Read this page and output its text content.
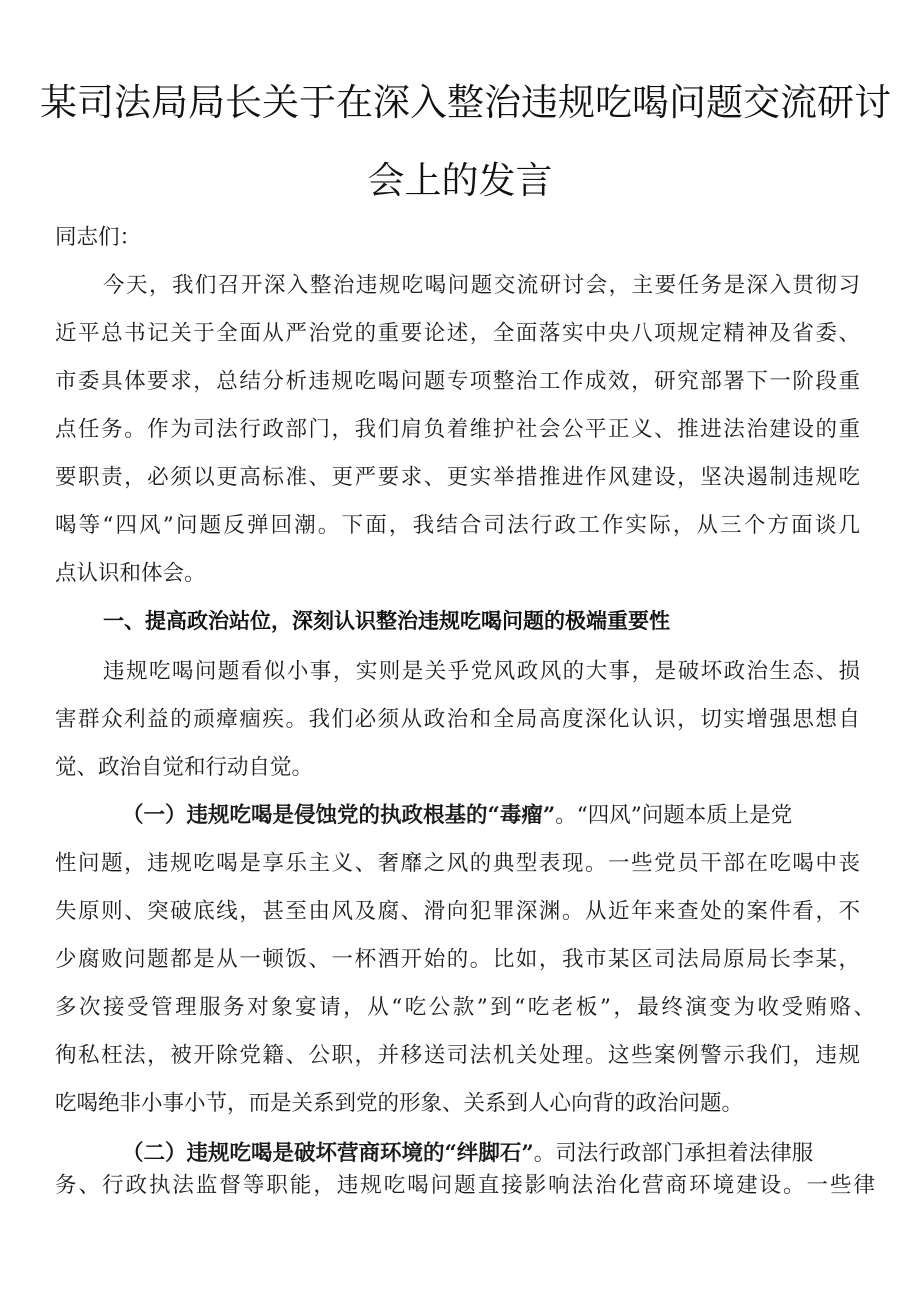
某司法局局长关于在深入整治违规吃喝问题交流研讨
会上的发言
同志们：
今天，我们召开深入整治违规吃喝问题交流研讨会，主要任务是深入贯彻习
近平总书记关于全面从严治党的重要论述，全面落实中央八项规定精神及省委、
市委具体要求，总结分析违规吃喝问题专项整治工作成效，研究部署下一阶段重
点任务。作为司法行政部门，我们肩负着维护社会公平正义、推进法治建设的重
要职责，必须以更高标准、更严要求、更实举措推进作风建设，坚决遏制违规吃
喝等“四风”问题反弹回潮。下面，我结合司法行政工作实际，从三个方面谈几
点认识和体会。
一、提高政治站位，深刻认识整治违规吃喝问题的极端重要性
违规吃喝问题看似小事，实则是关乎党风政风的大事，是破坏政治生态、损
害群众利益的顽瘴痼疾。我们必须从政治和全局高度深化认识，切实增强思想自
觉、政治自觉和行动自觉。
（一）违规吃喝是侵蚀党的执政根基的“毒瘤”。“四风”问题本质上是党
性问题，违规吃喝是享乐主义、奢靡之风的典型表现。一些党员干部在吃喝中丧
失原则、突破底线，甚至由风及腐、滑向犯罪深渊。从近年来查处的案件看，不
少腐败问题都是从一顿饭、一杯酒开始的。比如，我市某区司法局原局长李某，
多次接受管理服务对象宴请，从“吃公款”到“吃老板”，最终演变为收受贿赂、
徇私枉法，被开除党籍、公职，并移送司法机关处理。这些案例警示我们，违规
吃喝绝非小事小节，而是关系到党的形象、关系到人心向背的政治问题。
（二）违规吃喝是破坏营商环境的“绊脚石”。司法行政部门承担着法律服
务、行政执法监督等职能，违规吃喝问题直接影响法治化营商环境建设。一些律
